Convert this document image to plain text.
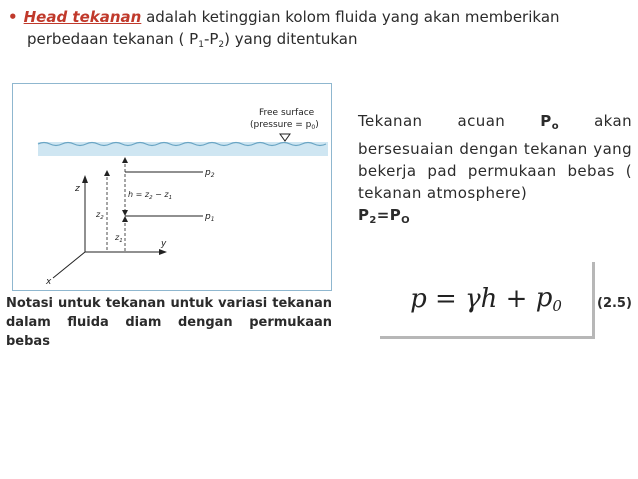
• Head tekanan adalah ketinggian kolom fluida yang akan memberikan
perbedaan tekanan ( $P_1-P_2$) yang ditentukan
Free surface
(pressure = $p_0$)
z
y
x
$p_2$
$p_1$
$h = z_2 - z_1$
$z_2$
$z_1$
Tekanan acuan $P_o$ akan bersesuaian dengan tekanan yang bekerja pad permukaan bebas ( tekanan atmosphere)
$P_2=P_O$
Notasi untuk tekanan untuk variasi tekanan dalam fluida diam dengan permukaan bebas
p = γh + p0	(2.5)
